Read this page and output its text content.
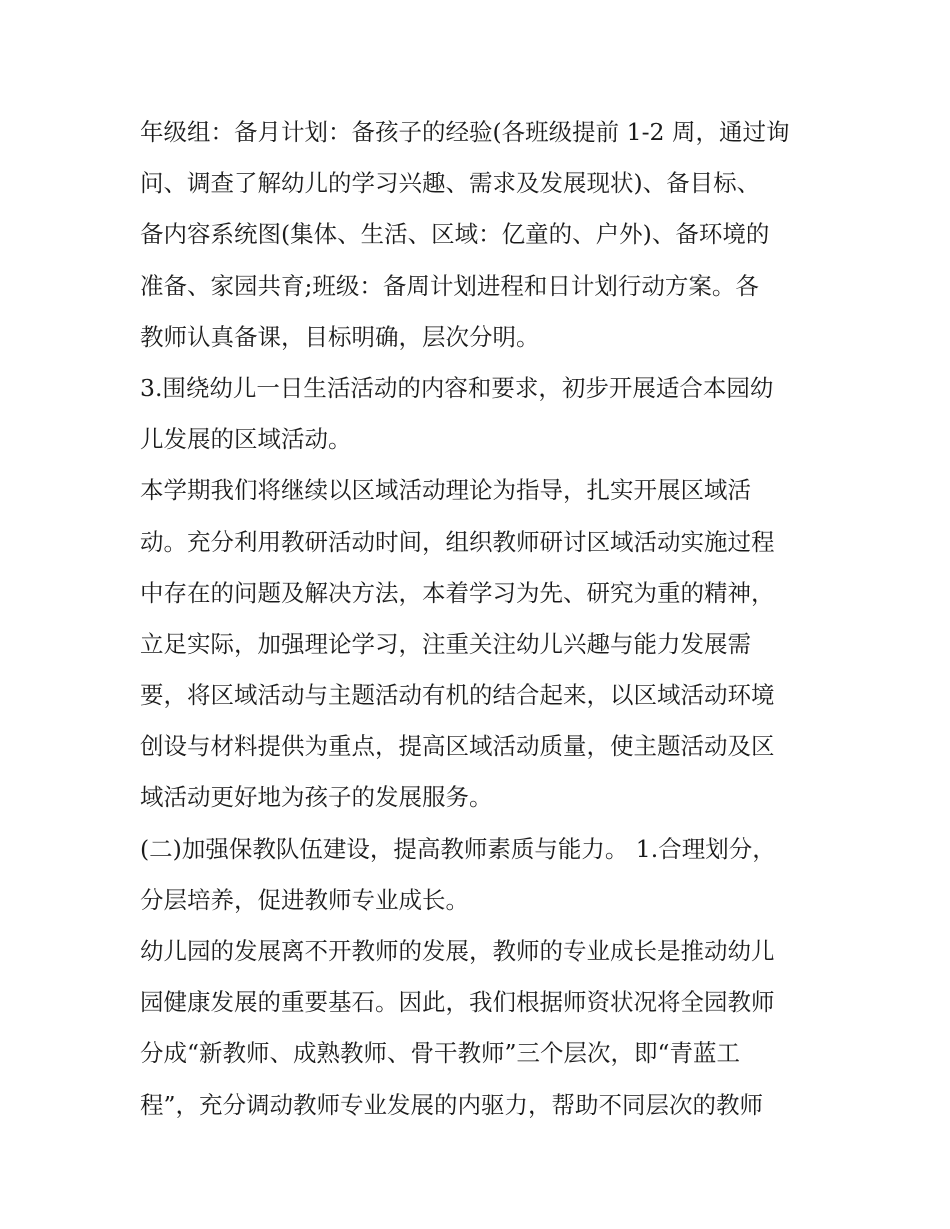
年级组：备月计划：备孩子的经验(各班级提前 1-2 周，通过询
问、调查了解幼儿的学习兴趣、需求及发展现状)、备目标、
备内容系统图(集体、生活、区域：亿童的、户外)、备环境的
准备、家园共育;班级：备周计划进程和日计划行动方案。各
教师认真备课，目标明确，层次分明。
3.围绕幼儿一日生活活动的内容和要求，初步开展适合本园幼
儿发展的区域活动。
本学期我们将继续以区域活动理论为指导，扎实开展区域活
动。充分利用教研活动时间，组织教师研讨区域活动实施过程
中存在的问题及解决方法，本着学习为先、研究为重的精神，
立足实际，加强理论学习，注重关注幼儿兴趣与能力发展需
要，将区域活动与主题活动有机的结合起来，以区域活动环境
创设与材料提供为重点，提高区域活动质量，使主题活动及区
域活动更好地为孩子的发展服务。
(二)加强保教队伍建设，提高教师素质与能力。 1.合理划分，
分层培养，促进教师专业成长。
幼儿园的发展离不开教师的发展，教师的专业成长是推动幼儿
园健康发展的重要基石。因此，我们根据师资状况将全园教师
分成“新教师、成熟教师、骨干教师”三个层次，即“青蓝工
程”，充分调动教师专业发展的内驱力，帮助不同层次的教师
